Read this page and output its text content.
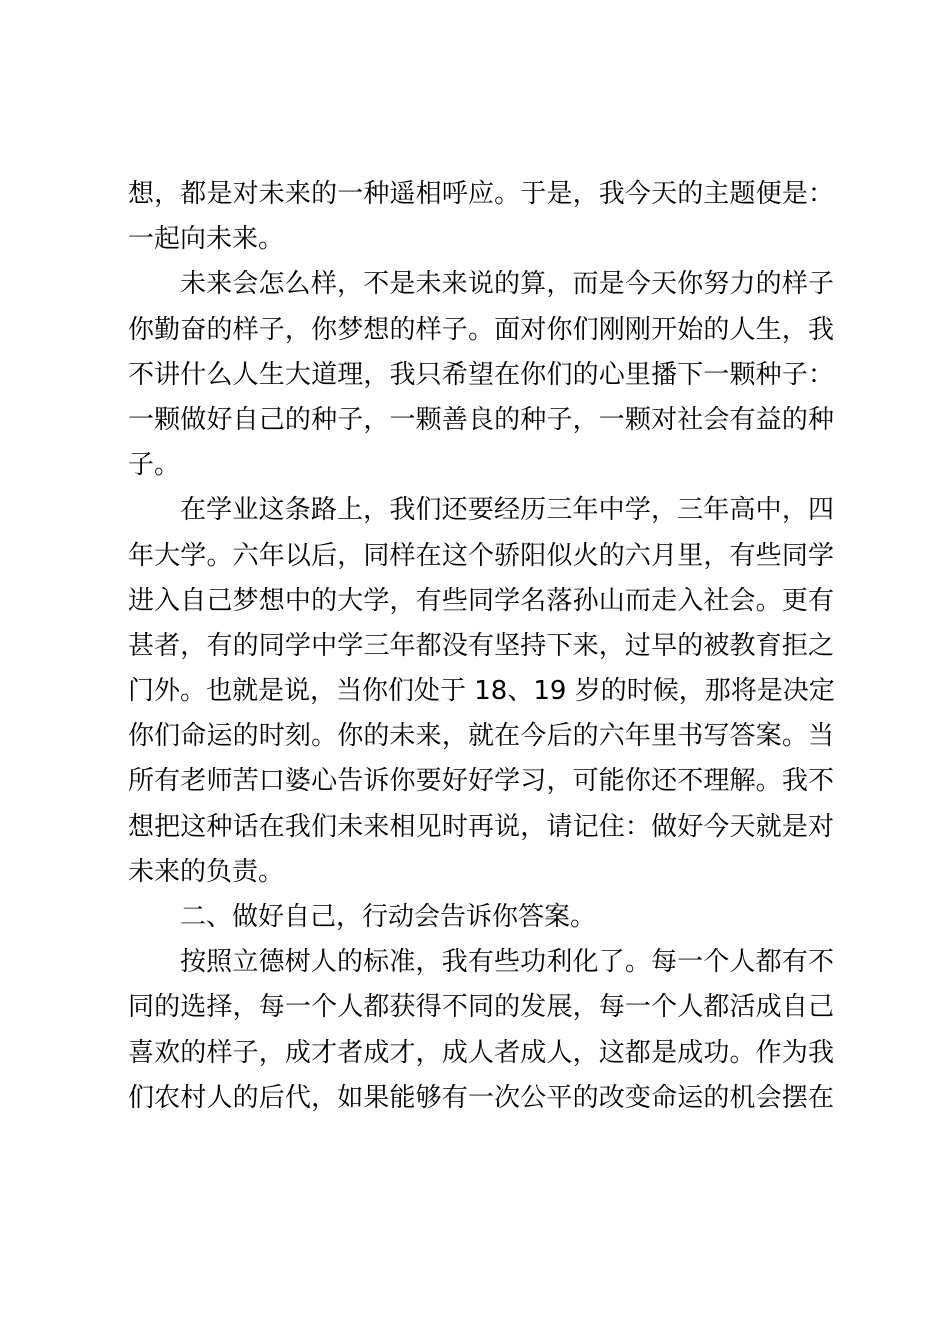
想，都是对未来的一种遥相呼应。于是，我今天的主题便是：
一起向未来。
未来会怎么样，不是未来说的算，而是今天你努力的样子
你勤奋的样子，你梦想的样子。面对你们刚刚开始的人生，我
不讲什么人生大道理，我只希望在你们的心里播下一颗种子：
一颗做好自己的种子，一颗善良的种子，一颗对社会有益的种
子。
在学业这条路上，我们还要经历三年中学，三年高中，四
年大学。六年以后，同样在这个骄阳似火的六月里，有些同学
进入自己梦想中的大学，有些同学名落孙山而走入社会。更有
甚者，有的同学中学三年都没有坚持下来，过早的被教育拒之
门外。也就是说，当你们处于 18、19 岁的时候，那将是决定
你们命运的时刻。你的未来，就在今后的六年里书写答案。当
所有老师苦口婆心告诉你要好好学习，可能你还不理解。我不
想把这种话在我们未来相见时再说，请记住：做好今天就是对
未来的负责。
二、做好自己，行动会告诉你答案。
按照立德树人的标准，我有些功利化了。每一个人都有不
同的选择，每一个人都获得不同的发展，每一个人都活成自己
喜欢的样子，成才者成才，成人者成人，这都是成功。作为我
们农村人的后代，如果能够有一次公平的改变命运的机会摆在
